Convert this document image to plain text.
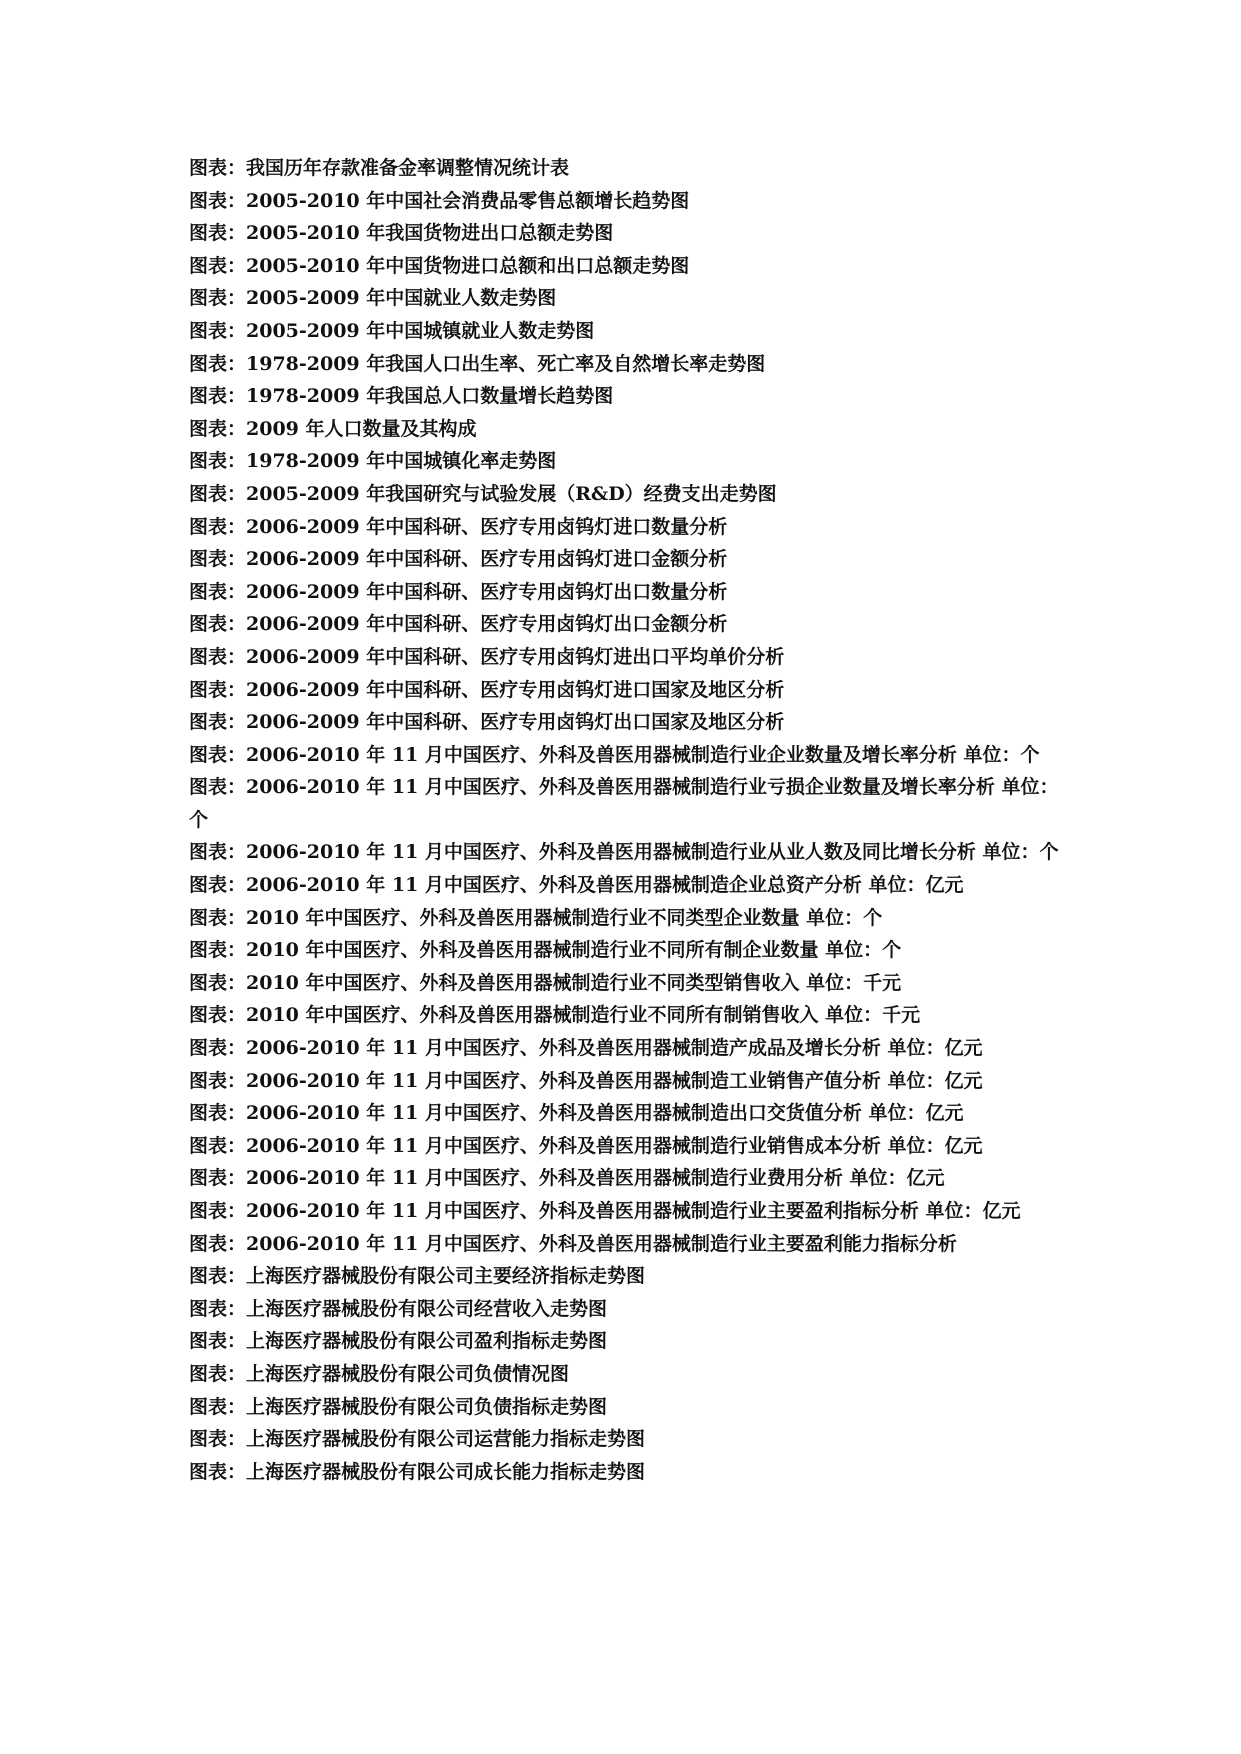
图表：我国历年存款准备金率调整情况统计表
图表：2005-2010 年中国社会消费品零售总额增长趋势图
图表：2005-2010 年我国货物进出口总额走势图
图表：2005-2010 年中国货物进口总额和出口总额走势图
图表：2005-2009 年中国就业人数走势图
图表：2005-2009 年中国城镇就业人数走势图
图表：1978-2009 年我国人口出生率、死亡率及自然增长率走势图
图表：1978-2009 年我国总人口数量增长趋势图
图表：2009 年人口数量及其构成
图表：1978-2009 年中国城镇化率走势图
图表：2005-2009 年我国研究与试验发展（R&D）经费支出走势图
图表：2006-2009 年中国科研、医疗专用卤钨灯进口数量分析
图表：2006-2009 年中国科研、医疗专用卤钨灯进口金额分析
图表：2006-2009 年中国科研、医疗专用卤钨灯出口数量分析
图表：2006-2009 年中国科研、医疗专用卤钨灯出口金额分析
图表：2006-2009 年中国科研、医疗专用卤钨灯进出口平均单价分析
图表：2006-2009 年中国科研、医疗专用卤钨灯进口国家及地区分析
图表：2006-2009 年中国科研、医疗专用卤钨灯出口国家及地区分析
图表：2006-2010 年 11 月中国医疗、外科及兽医用器械制造行业企业数量及增长率分析 单位：个
图表：2006-2010 年 11 月中国医疗、外科及兽医用器械制造行业亏损企业数量及增长率分析 单位：个
图表：2006-2010 年 11 月中国医疗、外科及兽医用器械制造行业从业人数及同比增长分析 单位：个
图表：2006-2010 年 11 月中国医疗、外科及兽医用器械制造企业总资产分析 单位：亿元
图表：2010 年中国医疗、外科及兽医用器械制造行业不同类型企业数量 单位：个
图表：2010 年中国医疗、外科及兽医用器械制造行业不同所有制企业数量 单位：个
图表：2010 年中国医疗、外科及兽医用器械制造行业不同类型销售收入 单位：千元
图表：2010 年中国医疗、外科及兽医用器械制造行业不同所有制销售收入 单位：千元
图表：2006-2010 年 11 月中国医疗、外科及兽医用器械制造产成品及增长分析 单位：亿元
图表：2006-2010 年 11 月中国医疗、外科及兽医用器械制造工业销售产值分析 单位：亿元
图表：2006-2010 年 11 月中国医疗、外科及兽医用器械制造出口交货值分析 单位：亿元
图表：2006-2010 年 11 月中国医疗、外科及兽医用器械制造行业销售成本分析 单位：亿元
图表：2006-2010 年 11 月中国医疗、外科及兽医用器械制造行业费用分析 单位：亿元
图表：2006-2010 年 11 月中国医疗、外科及兽医用器械制造行业主要盈利指标分析 单位：亿元
图表：2006-2010 年 11 月中国医疗、外科及兽医用器械制造行业主要盈利能力指标分析
图表：上海医疗器械股份有限公司主要经济指标走势图
图表：上海医疗器械股份有限公司经营收入走势图
图表：上海医疗器械股份有限公司盈利指标走势图
图表：上海医疗器械股份有限公司负债情况图
图表：上海医疗器械股份有限公司负债指标走势图
图表：上海医疗器械股份有限公司运营能力指标走势图
图表：上海医疗器械股份有限公司成长能力指标走势图
